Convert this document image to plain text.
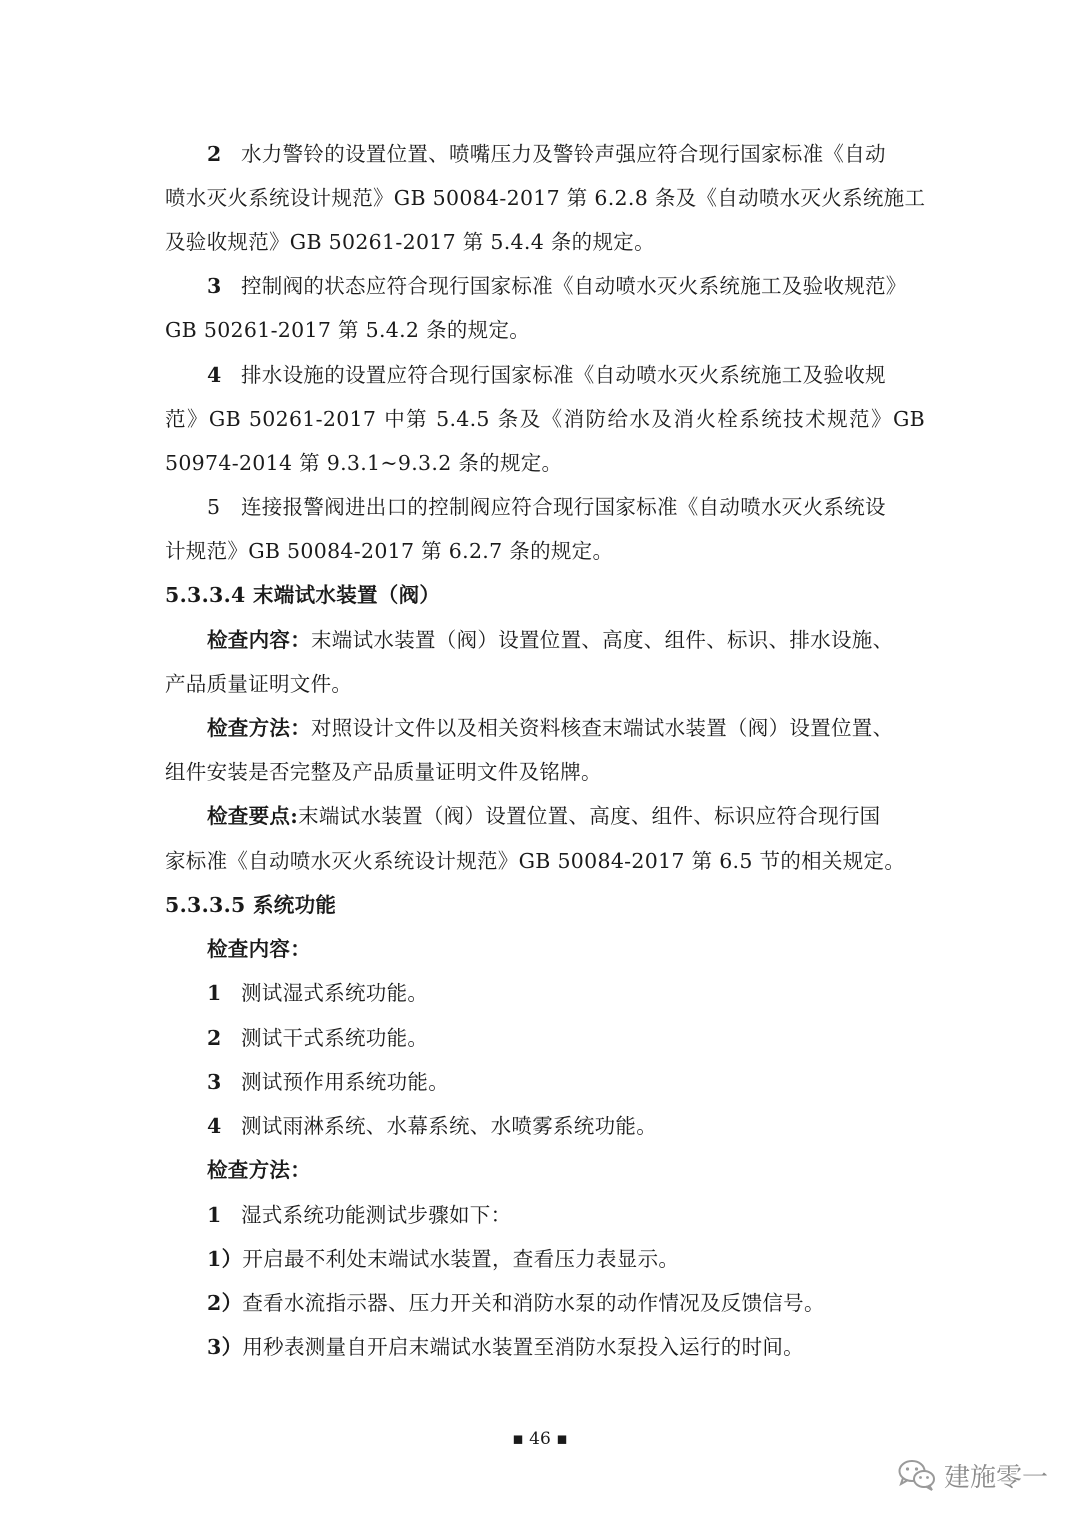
2 水力警铃的设置位置、喷嘴压力及警铃声强应符合现行国家标准《自动
喷水灭火系统设计规范》GB 50084-2017 第 6.2.8 条及《自动喷水灭火系统施工
及验收规范》GB 50261-2017 第 5.4.4 条的规定。
3 控制阀的状态应符合现行国家标准《自动喷水灭火系统施工及验收规范》
GB 50261-2017 第 5.4.2 条的规定。
4 排水设施的设置应符合现行国家标准《自动喷水灭火系统施工及验收规
范》GB 50261-2017 中第 5.4.5 条及《消防给水及消火栓系统技术规范》GB
50974-2014 第 9.3.1~9.3.2 条的规定。
5 连接报警阀进出口的控制阀应符合现行国家标准《自动喷水灭火系统设
计规范》GB 50084-2017 第 6.2.7 条的规定。
5.3.3.4 末端试水装置（阀）
检查内容：末端试水装置（阀）设置位置、高度、组件、标识、排水设施、
产品质量证明文件。
检查方法：对照设计文件以及相关资料核查末端试水装置（阀）设置位置、
组件安装是否完整及产品质量证明文件及铭牌。
检查要点:末端试水装置（阀）设置位置、高度、组件、标识应符合现行国
家标准《自动喷水灭火系统设计规范》GB 50084-2017 第 6.5 节的相关规定。
5.3.3.5 系统功能
检查内容：
1 测试湿式系统功能。
2 测试干式系统功能。
3 测试预作用系统功能。
4 测试雨淋系统、水幕系统、水喷雾系统功能。
检查方法：
1 湿式系统功能测试步骤如下：
1）开启最不利处末端试水装置，查看压力表显示。
2）查看水流指示器、压力开关和消防水泵的动作情况及反馈信号。
3）用秒表测量自开启末端试水装置至消防水泵投入运行的时间。
▪ 46 ▪
建施零一
